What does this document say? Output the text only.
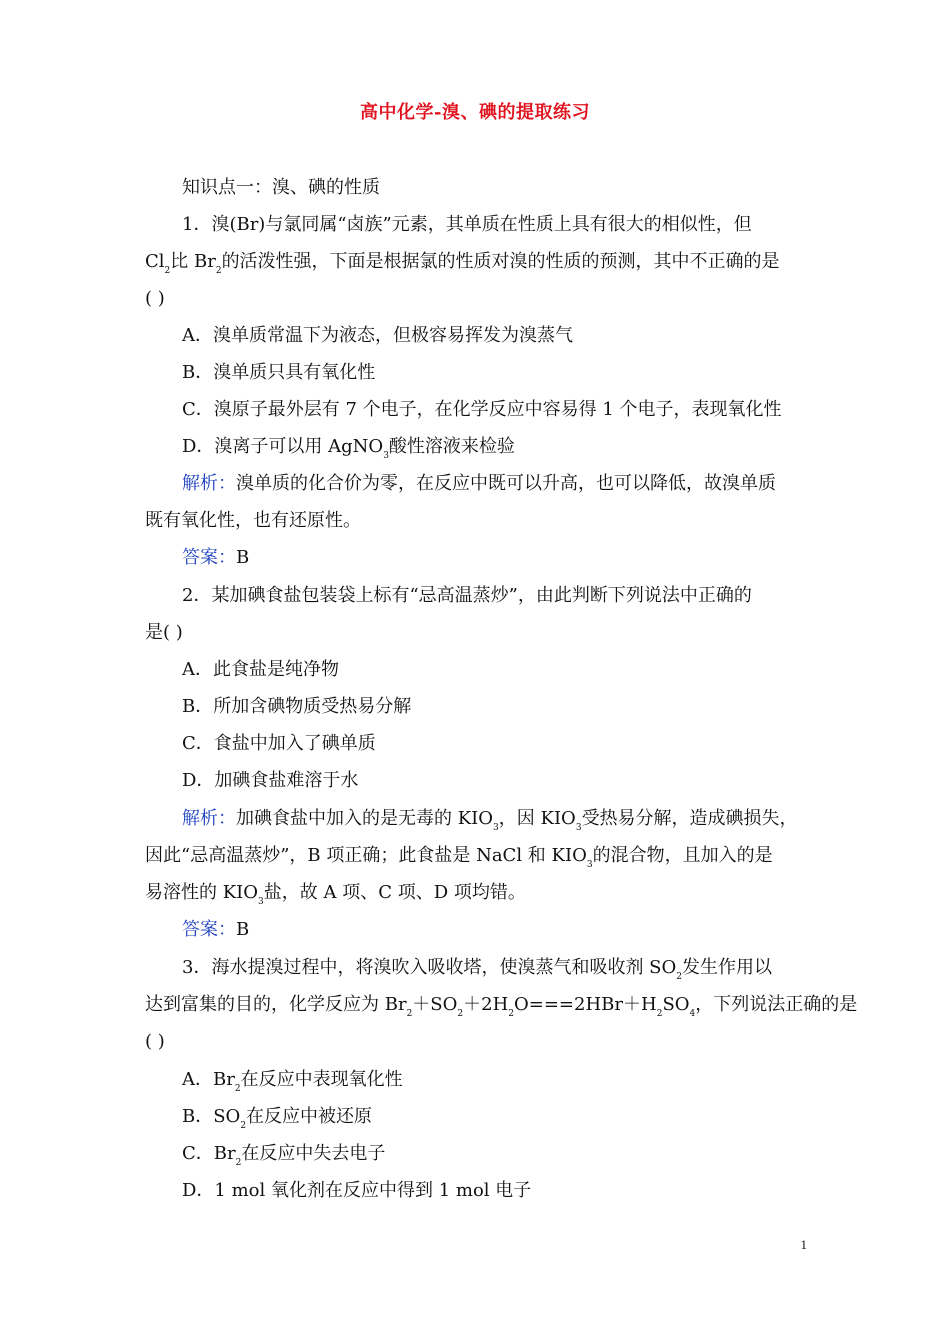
高中化学-溴、碘的提取练习
知识点一：溴、碘的性质
1．溴(Br)与氯同属“卤族”元素，其单质在性质上具有很大的相似性，但
$Cl_2$比 $Br_2$的活泼性强，下面是根据氯的性质对溴的性质的预测，其中不正确的是
( )
A．溴单质常温下为液态，但极容易挥发为溴蒸气
B．溴单质只具有氧化性
C．溴原子最外层有 7 个电子，在化学反应中容易得 1 个电子，表现氧化性
D．溴离子可以用 AgNO$_3$酸性溶液来检验
解析：溴单质的化合价为零，在反应中既可以升高，也可以降低，故溴单质
既有氧化性，也有还原性。
答案：B
2．某加碘食盐包装袋上标有“忌高温蒸炒”，由此判断下列说法中正确的
是( )
A．此食盐是纯净物
B．所加含碘物质受热易分解
C．食盐中加入了碘单质
D．加碘食盐难溶于水
解析：加碘食盐中加入的是无毒的 $KIO_3$，因 $KIO_3$受热易分解，造成碘损失，
因此“忌高温蒸炒”，B 项正确；此食盐是 NaCl 和 $KIO_3$的混合物，且加入的是
易溶性的 $KIO_3$盐，故 A 项、C 项、D 项均错。
答案：B
3．海水提溴过程中，将溴吹入吸收塔，使溴蒸气和吸收剂 $SO_2$发生作用以
达到富集的目的，化学反应为 $Br_2+SO_2+2H_2O===2HBr+H_2SO_4$，下列说法正确的是
( )
A．$Br_2$在反应中表现氧化性
B．$SO_2$在反应中被还原
C．$Br_2$在反应中失去电子
D．1 mol 氧化剂在反应中得到 1 mol 电子
1
